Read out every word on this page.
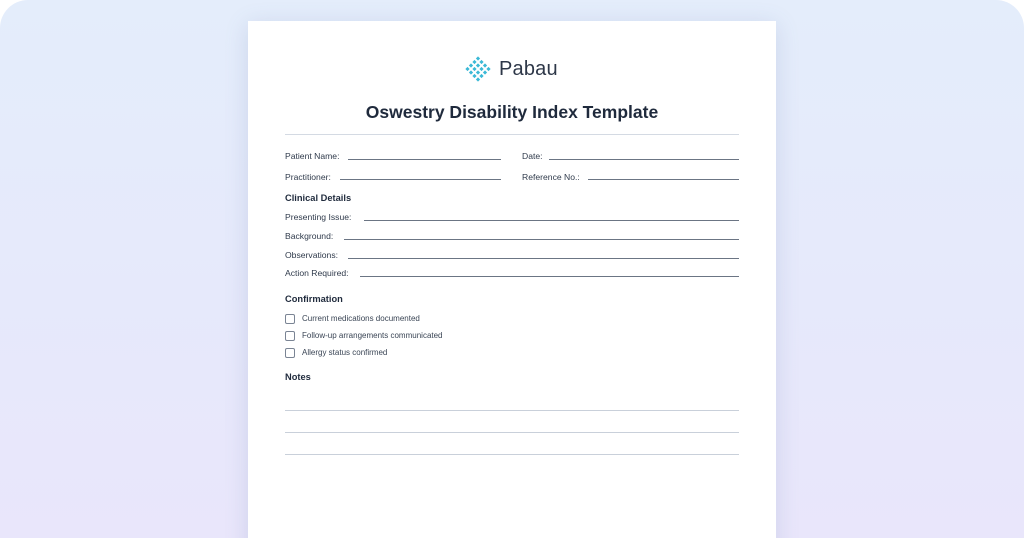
Pabau
Oswestry Disability Index Template
Patient Name:	Date:
Practitioner:	Reference No.:
Clinical Details
Presenting Issue:
Background:
Observations:
Action Required:
Confirmation
Current medications documented
Follow-up arrangements communicated
Allergy status confirmed
Notes
